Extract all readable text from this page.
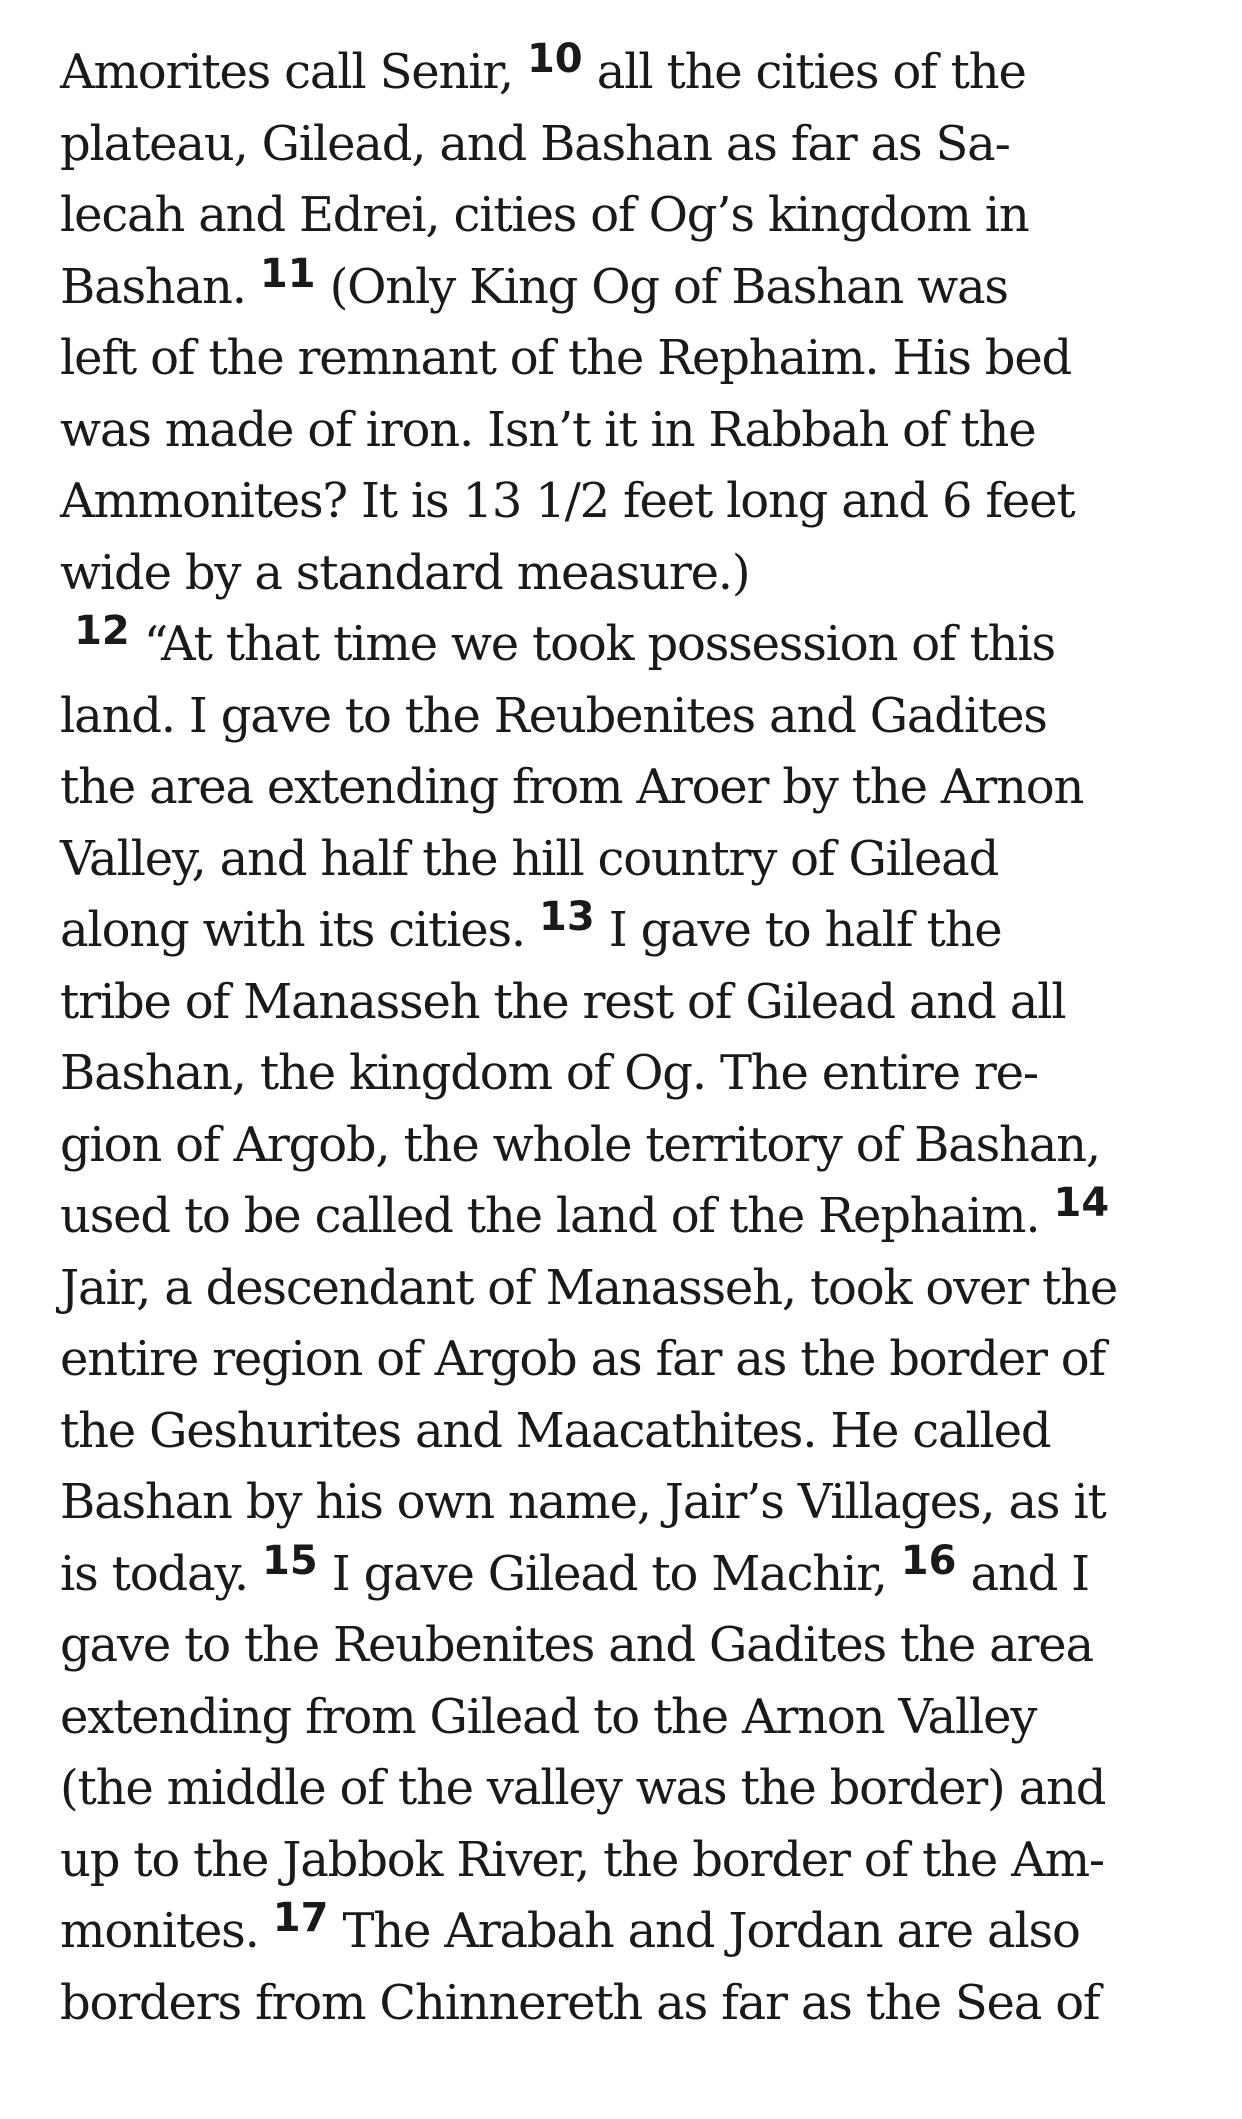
Amorites call Senir, $^{10}$ all the cities of the
plateau, Gilead, and Bashan as far as Sa-
lecah and Edrei, cities of Og’s kingdom in
Bashan. $^{11}$ (Only King Og of Bashan was
left of the remnant of the Rephaim. His bed
was made of iron. Isn’t it in Rabbah of the
Ammonites? It is 13 1/2 feet long and 6 feet
wide by a standard measure.)
$^{12}$ “At that time we took possession of this
land. I gave to the Reubenites and Gadites
the area extending from Aroer by the Arnon
Valley, and half the hill country of Gilead
along with its cities. $^{13}$ I gave to half the
tribe of Manasseh the rest of Gilead and all
Bashan, the kingdom of Og. The entire re-
gion of Argob, the whole territory of Bashan,
used to be called the land of the Rephaim. $^{14}$
Jair, a descendant of Manasseh, took over the
entire region of Argob as far as the border of
the Geshurites and Maacathites. He called
Bashan by his own name, Jair’s Villages, as it
is today. $^{15}$ I gave Gilead to Machir, $^{16}$ and I
gave to the Reubenites and Gadites the area
extending from Gilead to the Arnon Valley
(the middle of the valley was the border) and
up to the Jabbok River, the border of the Am-
monites. $^{17}$ The Arabah and Jordan are also
borders from Chinnereth as far as the Sea of
